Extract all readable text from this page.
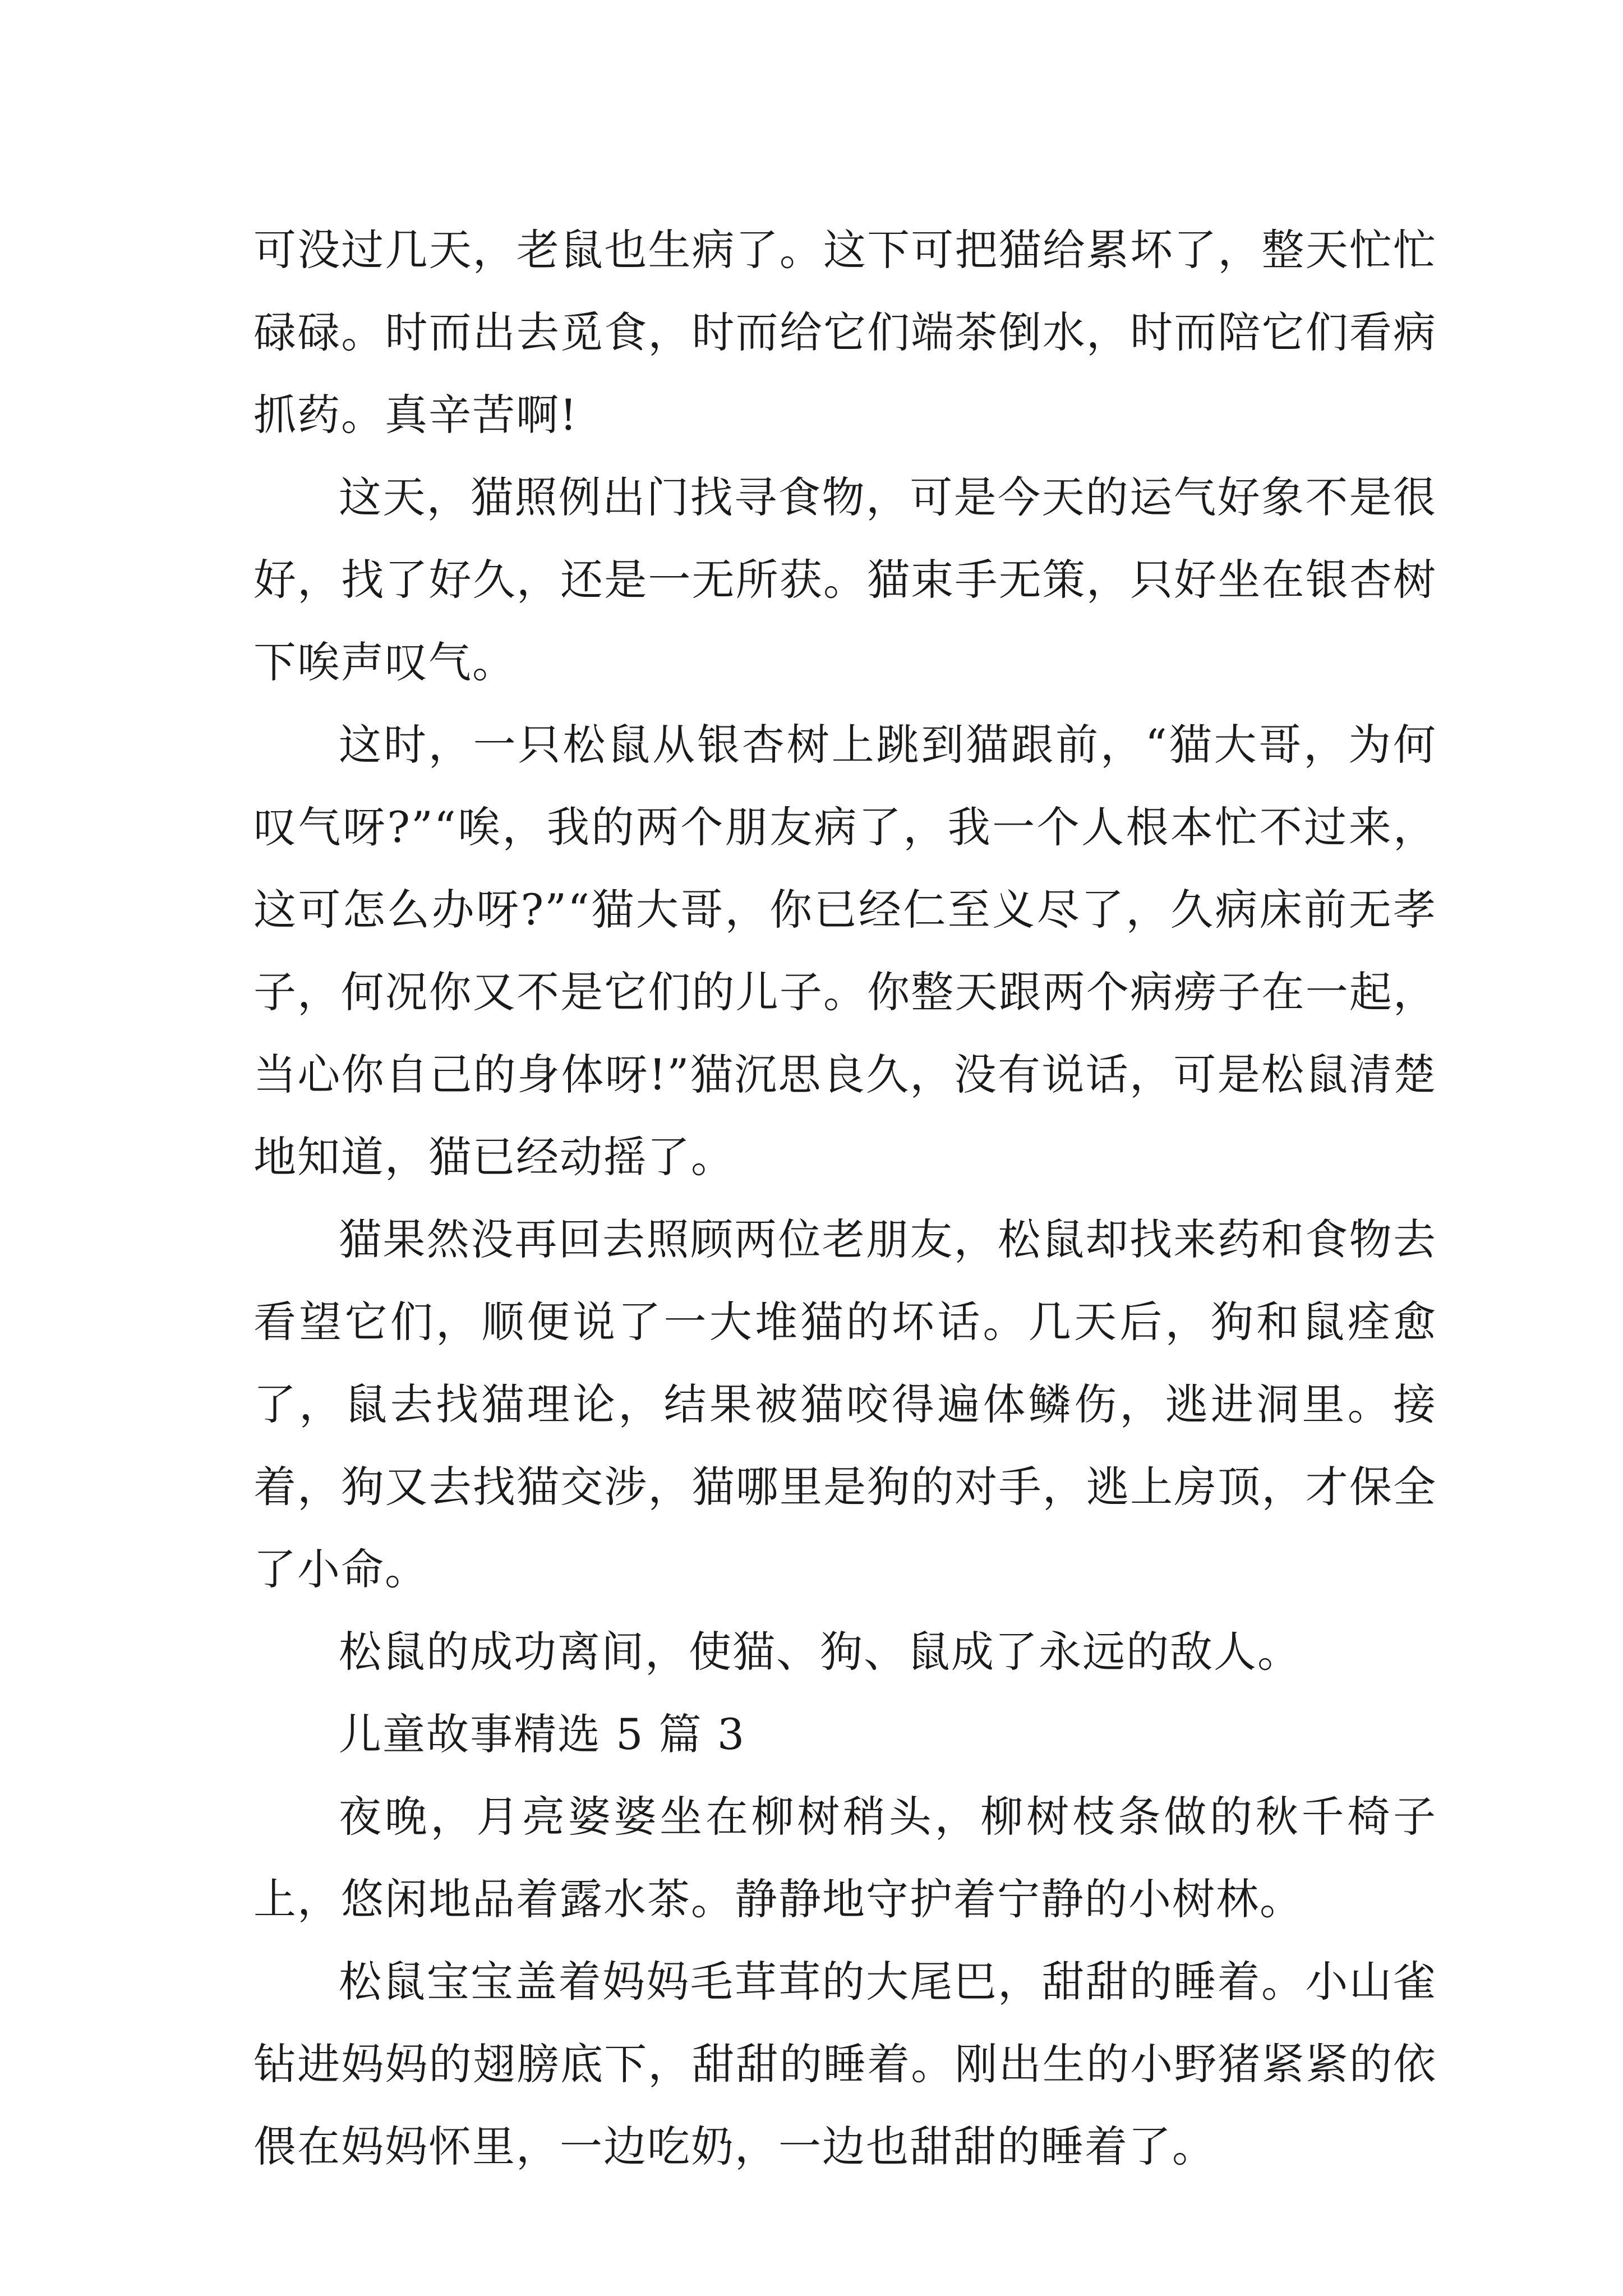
可没过几天，老鼠也生病了。这下可把猫给累坏了，整天忙忙碌碌。时而出去觅食，时而给它们端茶倒水，时而陪它们看病抓药。真辛苦啊!

这天，猫照例出门找寻食物，可是今天的运气好象不是很好，找了好久，还是一无所获。猫束手无策，只好坐在银杏树下唉声叹气。

这时，一只松鼠从银杏树上跳到猫跟前，“猫大哥，为何叹气呀?”“唉，我的两个朋友病了，我一个人根本忙不过来，这可怎么办呀?”“猫大哥，你已经仁至义尽了，久病床前无孝子，何况你又不是它们的儿子。你整天跟两个病痨子在一起，当心你自己的身体呀!”猫沉思良久，没有说话，可是松鼠清楚地知道，猫已经动摇了。

猫果然没再回去照顾两位老朋友，松鼠却找来药和食物去看望它们，顺便说了一大堆猫的坏话。几天后，狗和鼠痊愈了，鼠去找猫理论，结果被猫咬得遍体鳞伤，逃进洞里。接着，狗又去找猫交涉，猫哪里是狗的对手，逃上房顶，才保全了小命。

松鼠的成功离间，使猫、狗、鼠成了永远的敌人。

儿童故事精选 5 篇 3

夜晚，月亮婆婆坐在柳树稍头，柳树枝条做的秋千椅子上，悠闲地品着露水茶。静静地守护着宁静的小树林。

松鼠宝宝盖着妈妈毛茸茸的大尾巴，甜甜的睡着。小山雀钻进妈妈的翅膀底下，甜甜的睡着。刚出生的小野猪紧紧的依偎在妈妈怀里，一边吃奶，一边也甜甜的睡着了。
